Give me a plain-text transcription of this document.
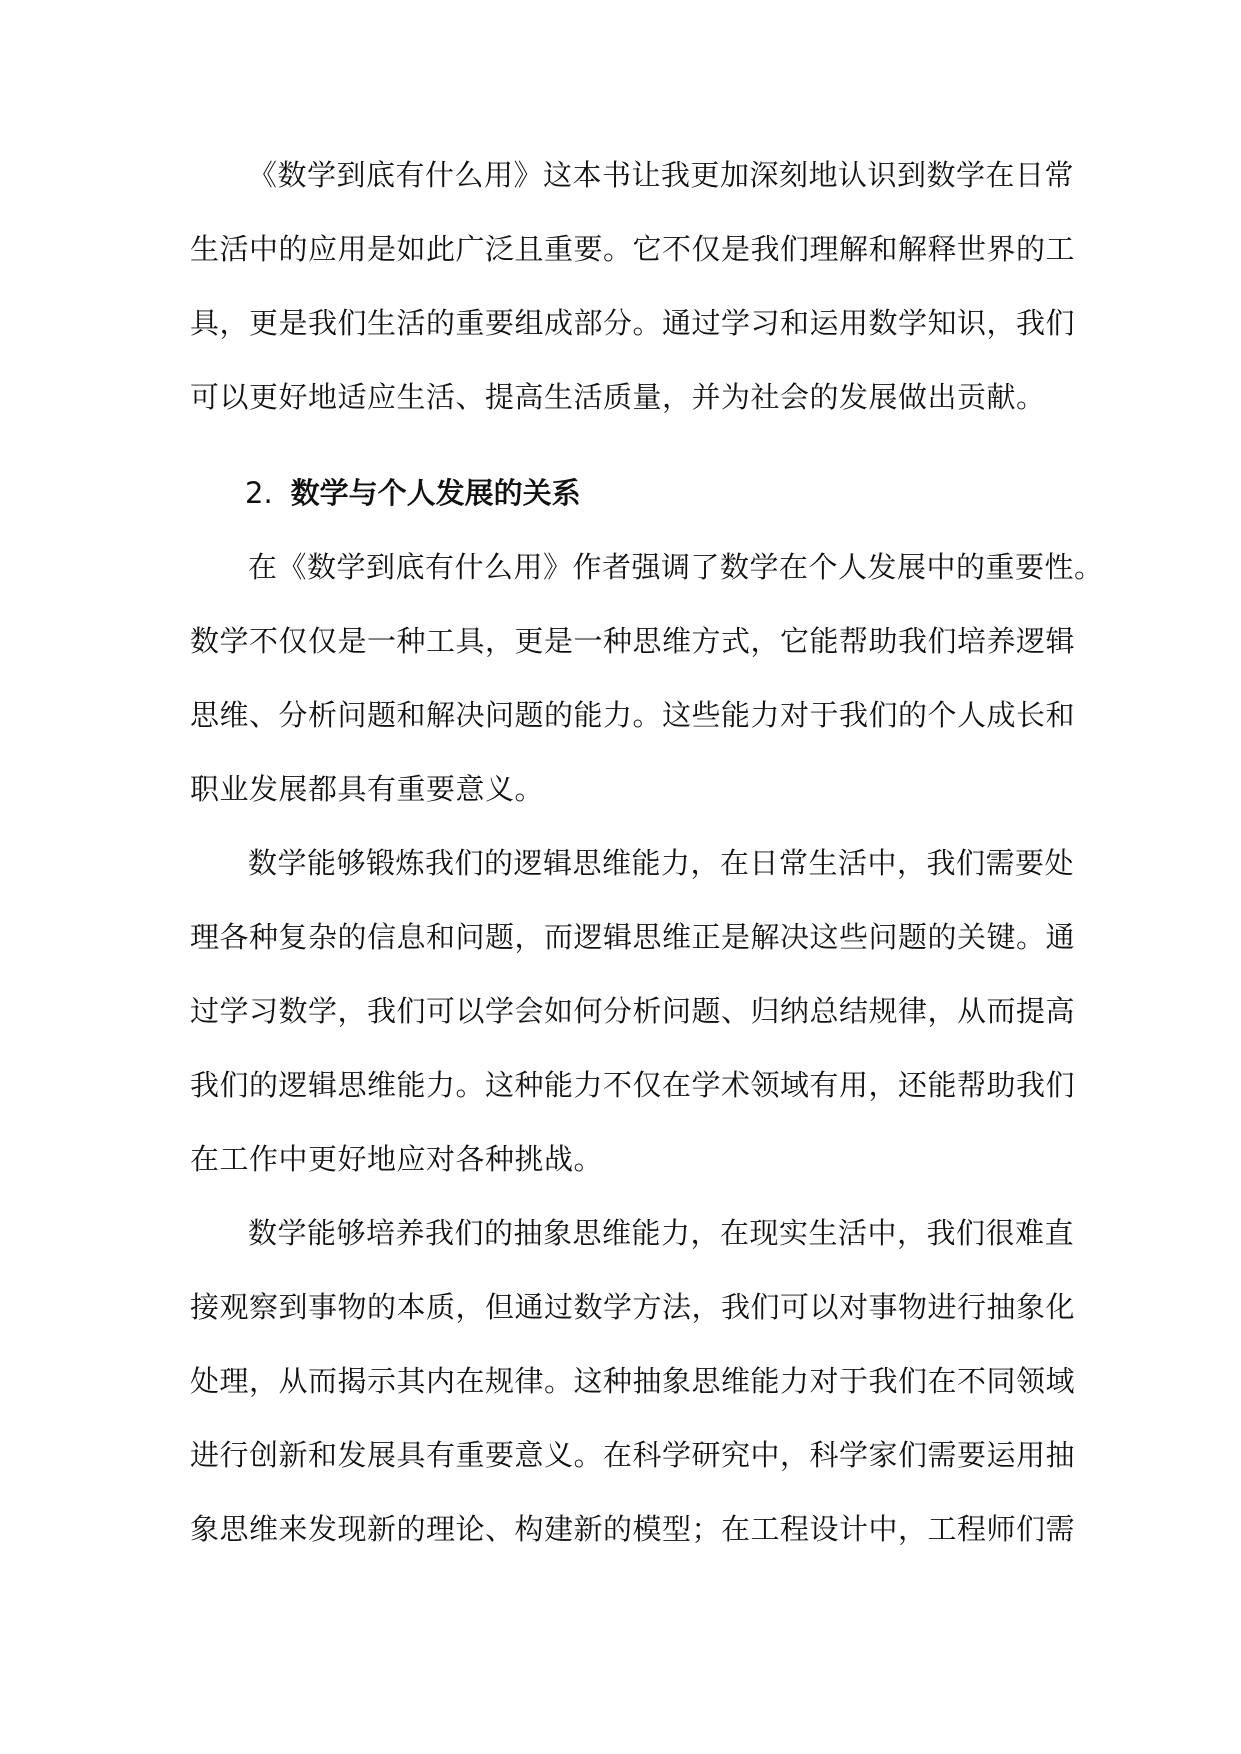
《数学到底有什么用》这本书让我更加深刻地认识到数学在日常
生活中的应用是如此广泛且重要。它不仅是我们理解和解释世界的工
具，更是我们生活的重要组成部分。通过学习和运用数学知识，我们
可以更好地适应生活、提高生活质量，并为社会的发展做出贡献。
2. 数学与个人发展的关系
在《数学到底有什么用》作者强调了数学在个人发展中的重要性。
数学不仅仅是一种工具，更是一种思维方式，它能帮助我们培养逻辑
思维、分析问题和解决问题的能力。这些能力对于我们的个人成长和
职业发展都具有重要意义。
数学能够锻炼我们的逻辑思维能力，在日常生活中，我们需要处
理各种复杂的信息和问题，而逻辑思维正是解决这些问题的关键。通
过学习数学，我们可以学会如何分析问题、归纳总结规律，从而提高
我们的逻辑思维能力。这种能力不仅在学术领域有用，还能帮助我们
在工作中更好地应对各种挑战。
数学能够培养我们的抽象思维能力，在现实生活中，我们很难直
接观察到事物的本质，但通过数学方法，我们可以对事物进行抽象化
处理，从而揭示其内在规律。这种抽象思维能力对于我们在不同领域
进行创新和发展具有重要意义。在科学研究中，科学家们需要运用抽
象思维来发现新的理论、构建新的模型；在工程设计中，工程师们需
